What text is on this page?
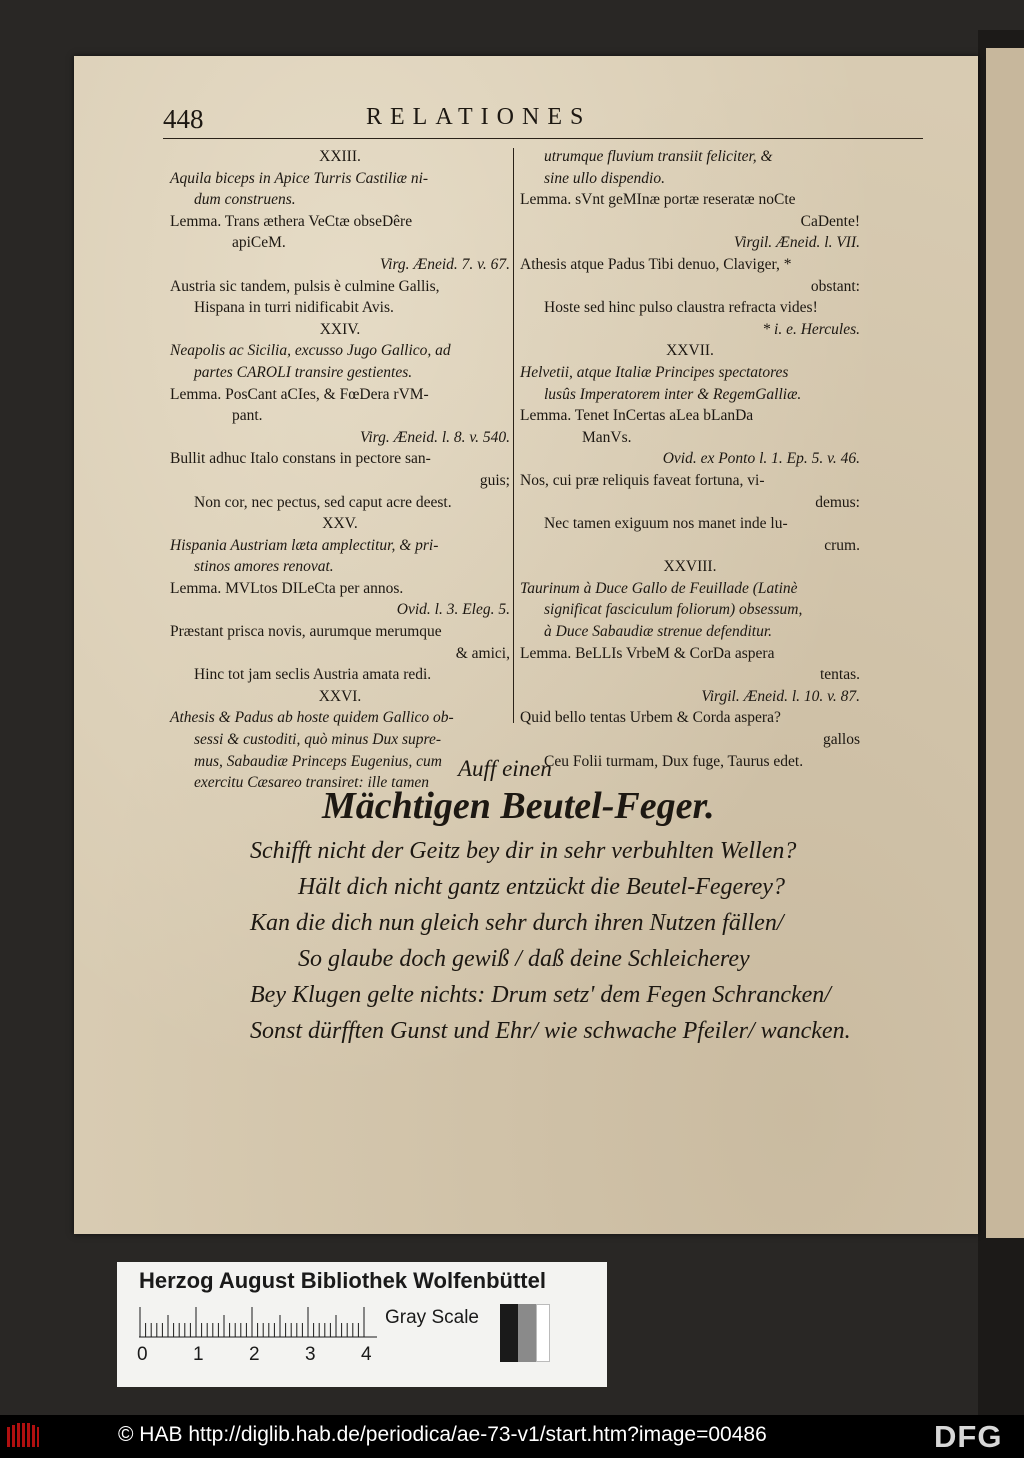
448	RELATIONES
XXIII.
Aquila biceps in Apice Turris Castiliæ ni-
dum construens.
Lemma. Trans æthera VeCtæ obseDêre
apiCeM.
Virg. Æneid. 7. v. 67.
Austria sic tandem, pulsis è culmine Gallis,
Hispana in turri nidificabit Avis.
XXIV.
Neapolis ac Sicilia, excusso Jugo Gallico, ad
partes CAROLI transire gestientes.
Lemma. PosCant aCIes, & FœDera rVM-
pant.
Virg. Æneid. l. 8. v. 540.
Bullit adhuc Italo constans in pectore san-
guis;
Non cor, nec pectus, sed caput acre deest.
XXV.
Hispania Austriam læta amplectitur, & pri-
stinos amores renovat.
Lemma. MVLtos DILeCta per annos.
Ovid. l. 3. Eleg. 5.
Præstant prisca novis, aurumque merumque
& amici,
Hinc tot jam seclis Austria amata redi.
XXVI.
Athesis & Padus ab hoste quidem Gallico ob-
sessi & custoditi, quò minus Dux supre-
mus, Sabaudiæ Princeps Eugenius, cum
exercitu Cæsareo transiret: ille tamen
utrumque fluvium transiit feliciter, &
sine ullo dispendio.
Lemma. sVnt geMInæ portæ reseratæ noCte
CaDente!
Virgil. Æneid. l. VII.
Athesis atque Padus Tibi denuo, Claviger, *
obstant:
Hoste sed hinc pulso claustra refracta vides!
* i. e. Hercules.
XXVII.
Helvetii, atque Italiæ Principes spectatores
lusûs Imperatorem inter & RegemGalliæ.
Lemma. Tenet InCertas aLea bLanDa
ManVs.
Ovid. ex Ponto l. 1. Ep. 5. v. 46.
Nos, cui præ reliquis faveat fortuna, vi-
demus:
Nec tamen exiguum nos manet inde lu-
crum.
XXVIII.
Taurinum à Duce Gallo de Feuillade (Latinè
significat fasciculum foliorum) obsessum,
à Duce Sabaudiæ strenue defenditur.
Lemma. BeLLIs VrbeM & CorDa aspera
tentas.
Virgil. Æneid. l. 10. v. 87.
Quid bello tentas Urbem & Corda aspera?
gallos
Ceu Folii turmam, Dux fuge, Taurus edet.
Auff einen
Mächtigen Beutel-Feger.
Schifft nicht der Geitz bey dir in sehr verbuhlten Wellen?
Hält dich nicht gantz entzückt die Beutel-Fegerey?
Kan die dich nun gleich sehr durch ihren Nutzen fällen/
So glaube doch gewiß / daß deine Schleicherey
Bey Klugen gelte nichts: Drum setz' dem Fegen Schrancken/
Sonst dürfften Gunst und Ehr/ wie schwache Pfeiler/ wancken.
Herzog August Bibliothek Wolfenbüttel
0 1 2 3 4
Gray Scale
© HAB http://diglib.hab.de/periodica/ae-73-v1/start.htm?image=00486	DFG
